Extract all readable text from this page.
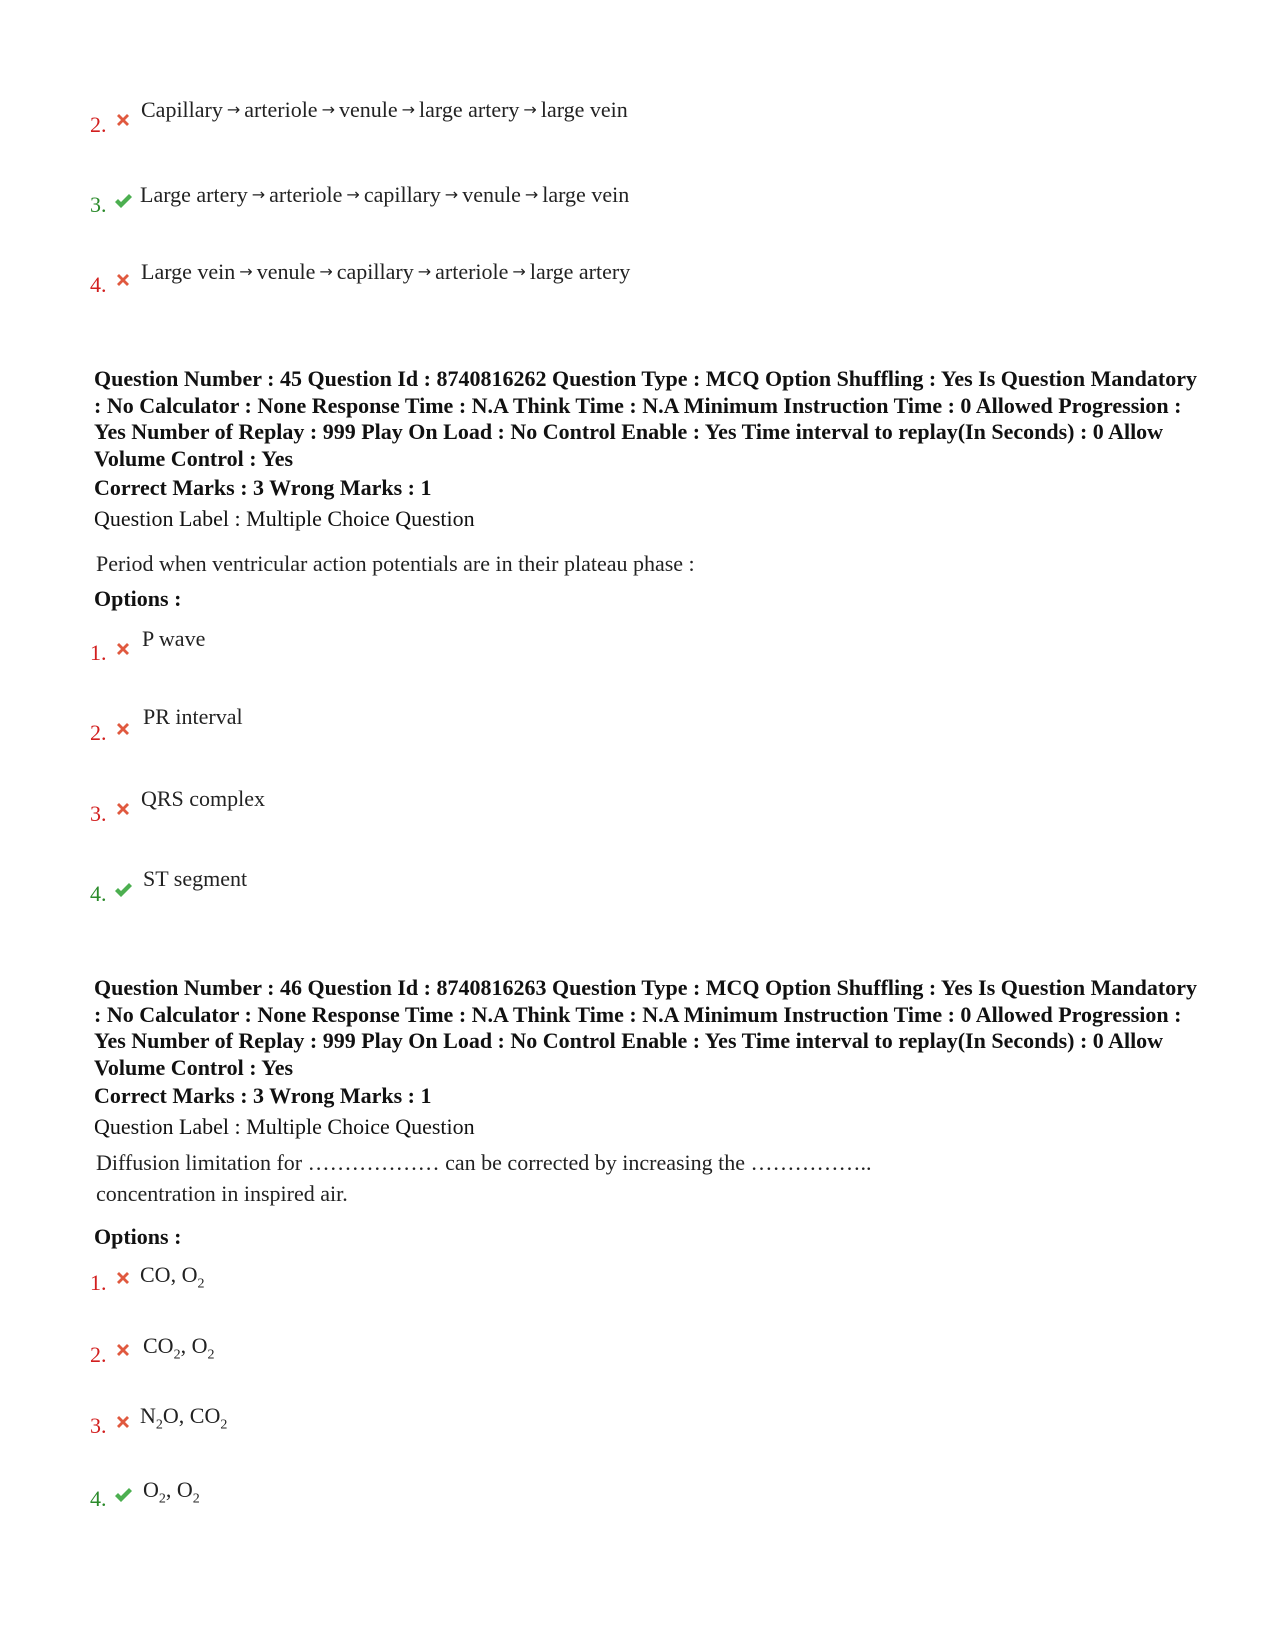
2.
Capillary → arteriole → venule → large artery → large vein
3. Large artery → arteriole → capillary → venule → large vein
4.
Large vein → venule → capillary → arteriole → large artery
Question Number : 45 Question Id : 8740816262 Question Type : MCQ Option Shuffling : Yes Is Question Mandatory : No Calculator : None Response Time : N.A Think Time : N.A Minimum Instruction Time : 0 Allowed Progression : Yes Number of Replay : 999 Play On Load : No Control Enable : Yes Time interval to replay(In Seconds) : 0 Allow Volume Control : Yes
Correct Marks : 3 Wrong Marks : 1
Question Label : Multiple Choice Question
Period when ventricular action potentials are in their plateau phase :
Options :
1.
P wave
2.
PR interval
3.
QRS complex
4.
ST segment
Question Number : 46 Question Id : 8740816263 Question Type : MCQ Option Shuffling : Yes Is Question Mandatory : No Calculator : None Response Time : N.A Think Time : N.A Minimum Instruction Time : 0 Allowed Progression : Yes Number of Replay : 999 Play On Load : No Control Enable : Yes Time interval to replay(In Seconds) : 0 Allow Volume Control : Yes
Correct Marks : 3 Wrong Marks : 1
Question Label : Multiple Choice Question
Diffusion limitation for ……………… can be corrected by increasing the ……………..
concentration in inspired air.
Options :
1. CO, $O_2$
2. $CO_2$, $O_2$
3. $N_2O$, $CO_2$
4. $O_2$, $O_2$
